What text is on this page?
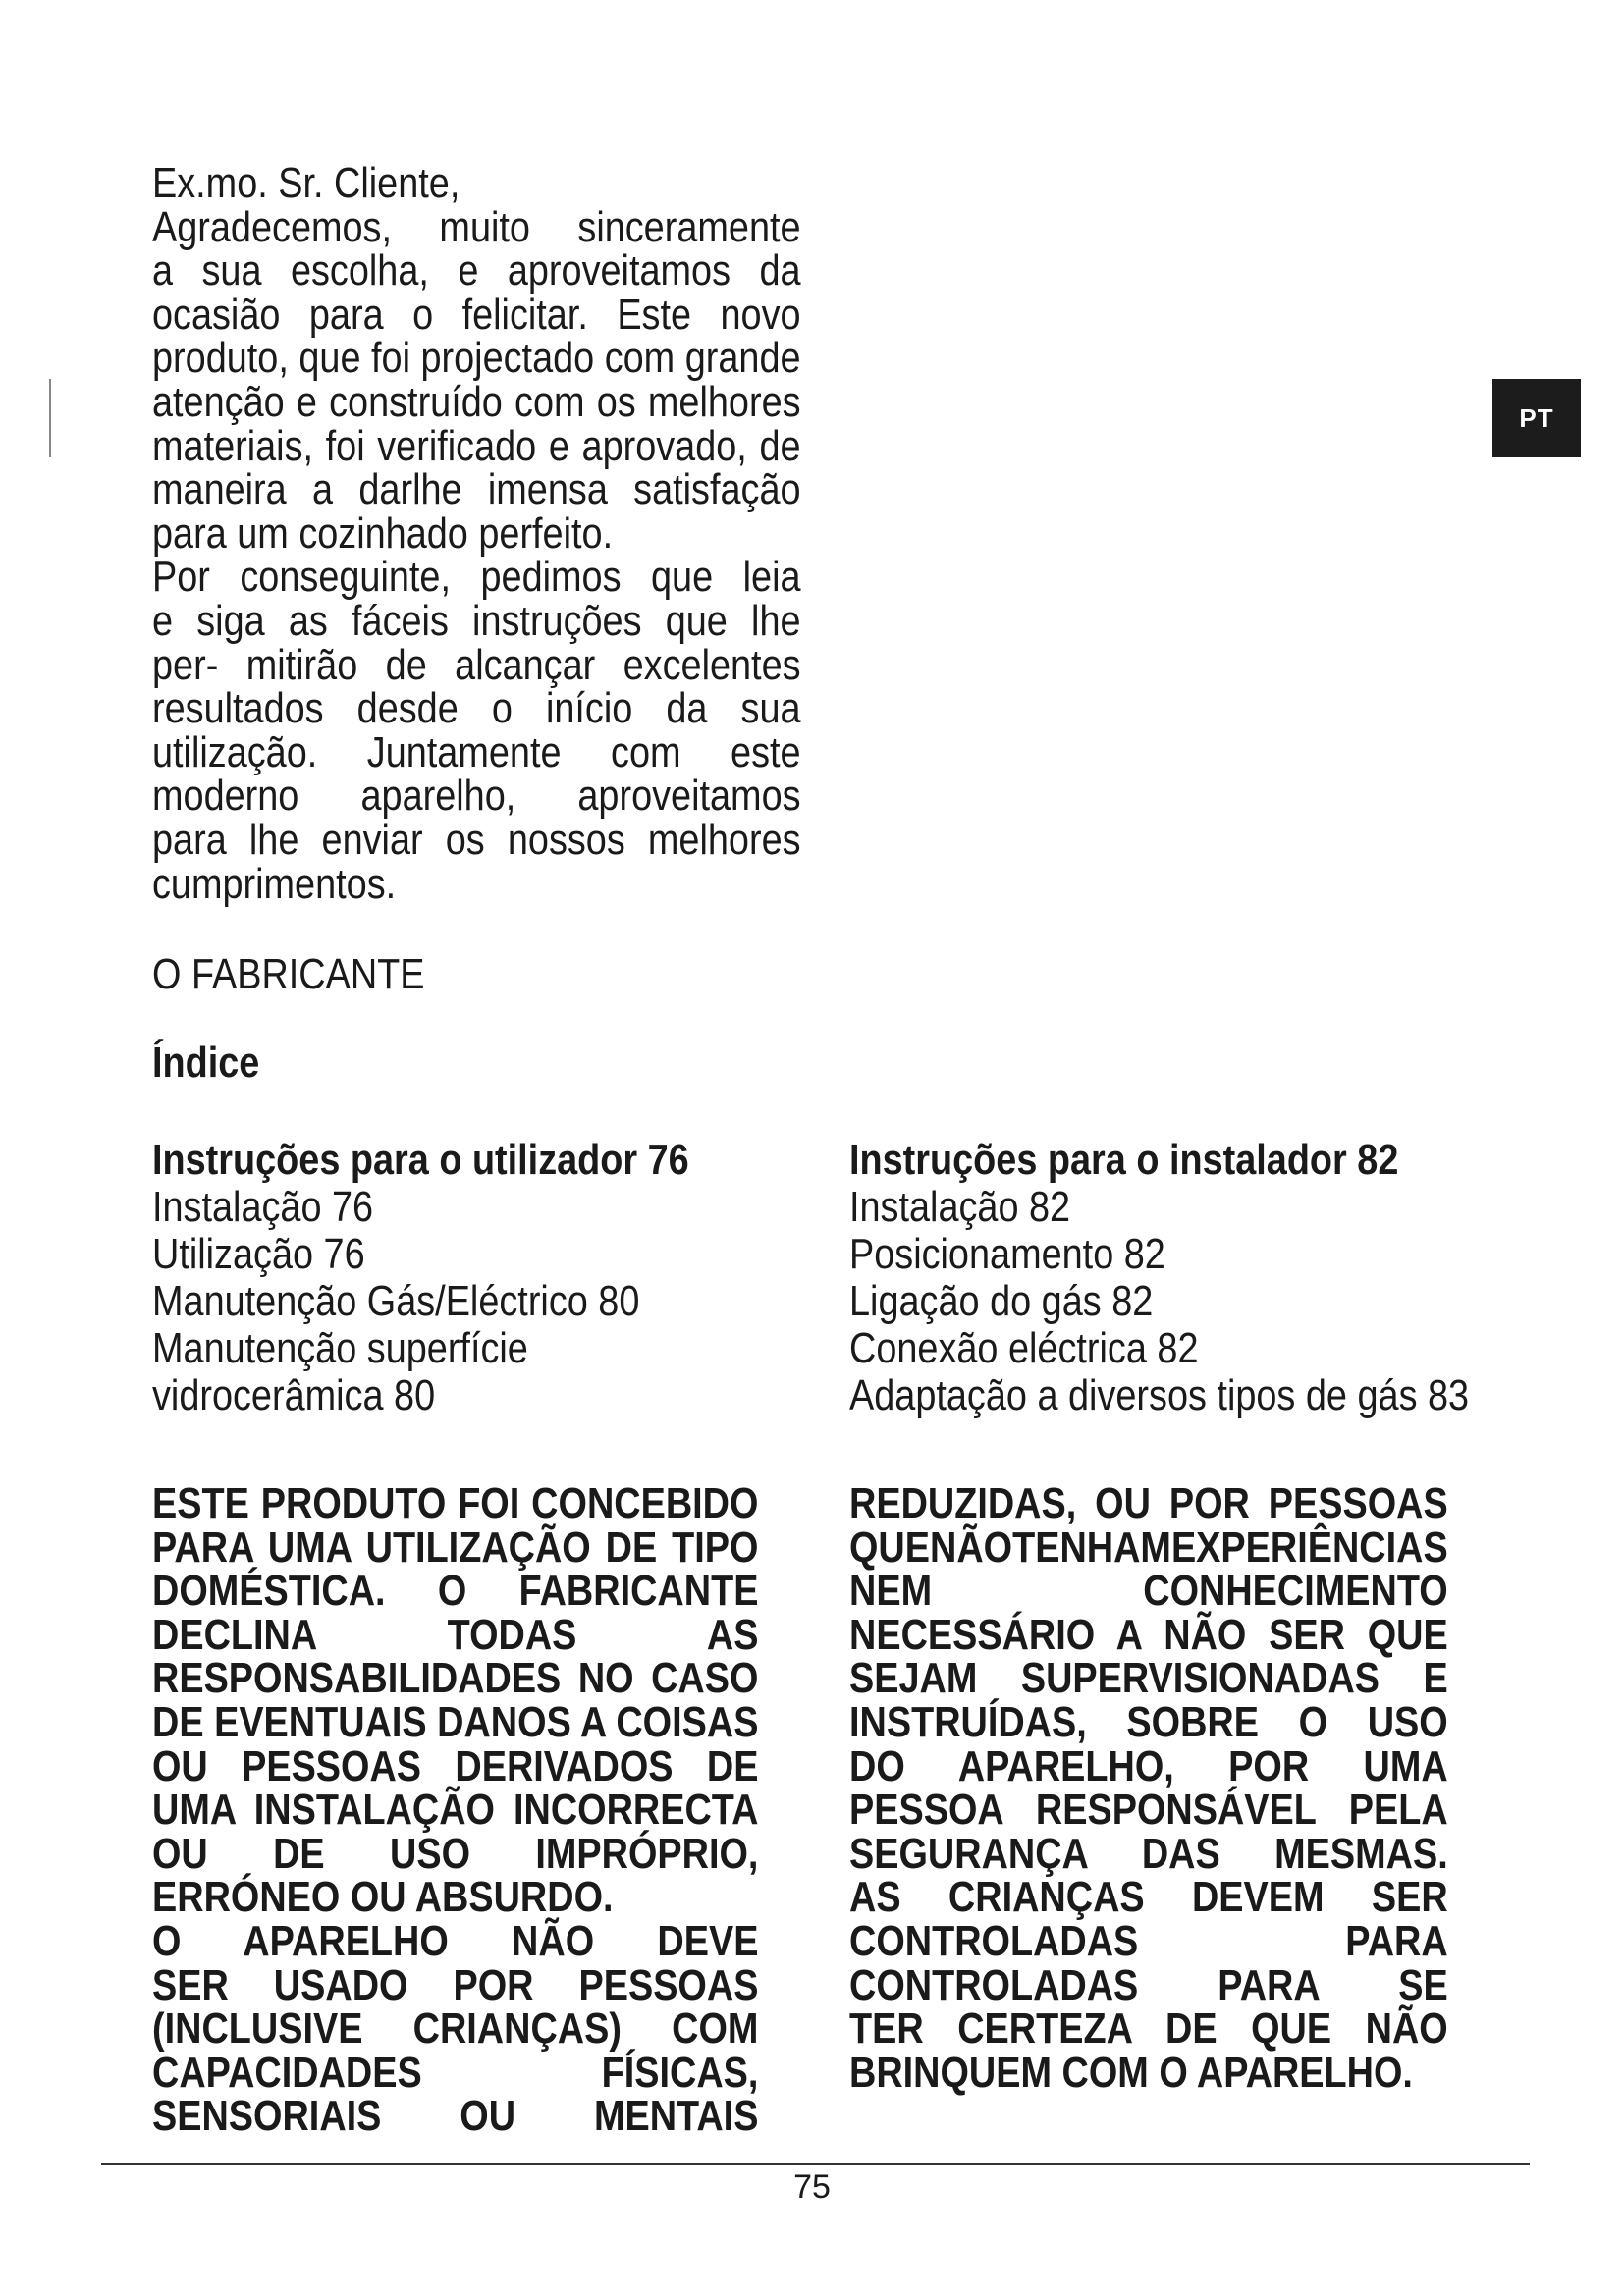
PT
Ex.mo. Sr. Cliente,
Agradecemos, muito sinceramente
a sua escolha, e aproveitamos da
ocasião para o felicitar. Este novo
produto, que foi projectado com grande
atenção e construído com os melhores
materiais, foi verificado e aprovado, de
maneira a darlhe imensa satisfação
para um cozinhado perfeito.
Por conseguinte, pedimos que leia
e siga as fáceis instruções que lhe
per- mitirão de alcançar excelentes
resultados desde o início da sua
utilização. Juntamente com este
moderno aparelho, aproveitamos
para lhe enviar os nossos melhores
cumprimentos.
O FABRICANTE
Índice
Instruções para o utilizador 76
Instalação 76
Utilização 76
Manutenção Gás/Eléctrico 80
Manutenção superfície
vidrocerâmica 80
Instruções para o instalador 82
Instalação 82
Posicionamento 82
Ligação do gás 82
Conexão eléctrica 82
Adaptação a diversos tipos de gás 83
ESTE PRODUTO FOI CONCEBIDO
PARA UMA UTILIZAÇÃO DE TIPO
DOMÉSTICA. O FABRICANTE
DECLINA TODAS AS
RESPONSABILIDADES NO CASO
DE EVENTUAIS DANOS A COISAS
OU PESSOAS DERIVADOS DE
UMA INSTALAÇÃO INCORRECTA
OU DE USO IMPRÓPRIO,
ERRÓNEO OU ABSURDO.
O APARELHO NÃO DEVE
SER USADO POR PESSOAS
(INCLUSIVE CRIANÇAS) COM
CAPACIDADES FÍSICAS,
SENSORIAIS OU MENTAIS
REDUZIDAS, OU POR PESSOAS
QUENÃOTENHAMEXPERIÊNCIAS
NEM CONHECIMENTO
NECESSÁRIO A NÃO SER QUE
SEJAM SUPERVISIONADAS E
INSTRUÍDAS, SOBRE O USO
DO APARELHO, POR UMA
PESSOA RESPONSÁVEL PELA
SEGURANÇA DAS MESMAS.
AS CRIANÇAS DEVEM SER
CONTROLADAS PARA
CONTROLADAS PARA SE
TER CERTEZA DE QUE NÃO
BRINQUEM COM O APARELHO.
75
